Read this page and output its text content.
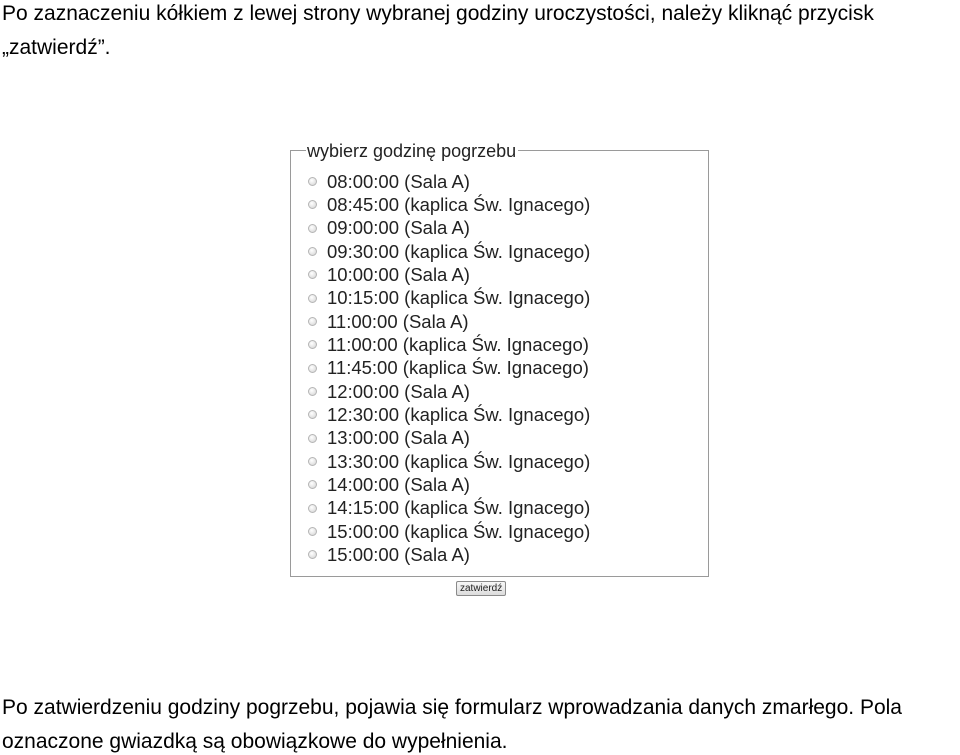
Po zaznaczeniu kółkiem z lewej strony wybranej godziny uroczystości, należy kliknąć przycisk
„zatwierdź”.
wybierz godzinę pogrzebu
08:00:00 (Sala A)
08:45:00 (kaplica Św. Ignacego)
09:00:00 (Sala A)
09:30:00 (kaplica Św. Ignacego)
10:00:00 (Sala A)
10:15:00 (kaplica Św. Ignacego)
11:00:00 (Sala A)
11:00:00 (kaplica Św. Ignacego)
11:45:00 (kaplica Św. Ignacego)
12:00:00 (Sala A)
12:30:00 (kaplica Św. Ignacego)
13:00:00 (Sala A)
13:30:00 (kaplica Św. Ignacego)
14:00:00 (Sala A)
14:15:00 (kaplica Św. Ignacego)
15:00:00 (kaplica Św. Ignacego)
15:00:00 (Sala A)
zatwierdź
Po zatwierdzeniu godziny pogrzebu, pojawia się formularz wprowadzania danych zmarłego. Pola
oznaczone gwiazdką są obowiązkowe do wypełnienia.
